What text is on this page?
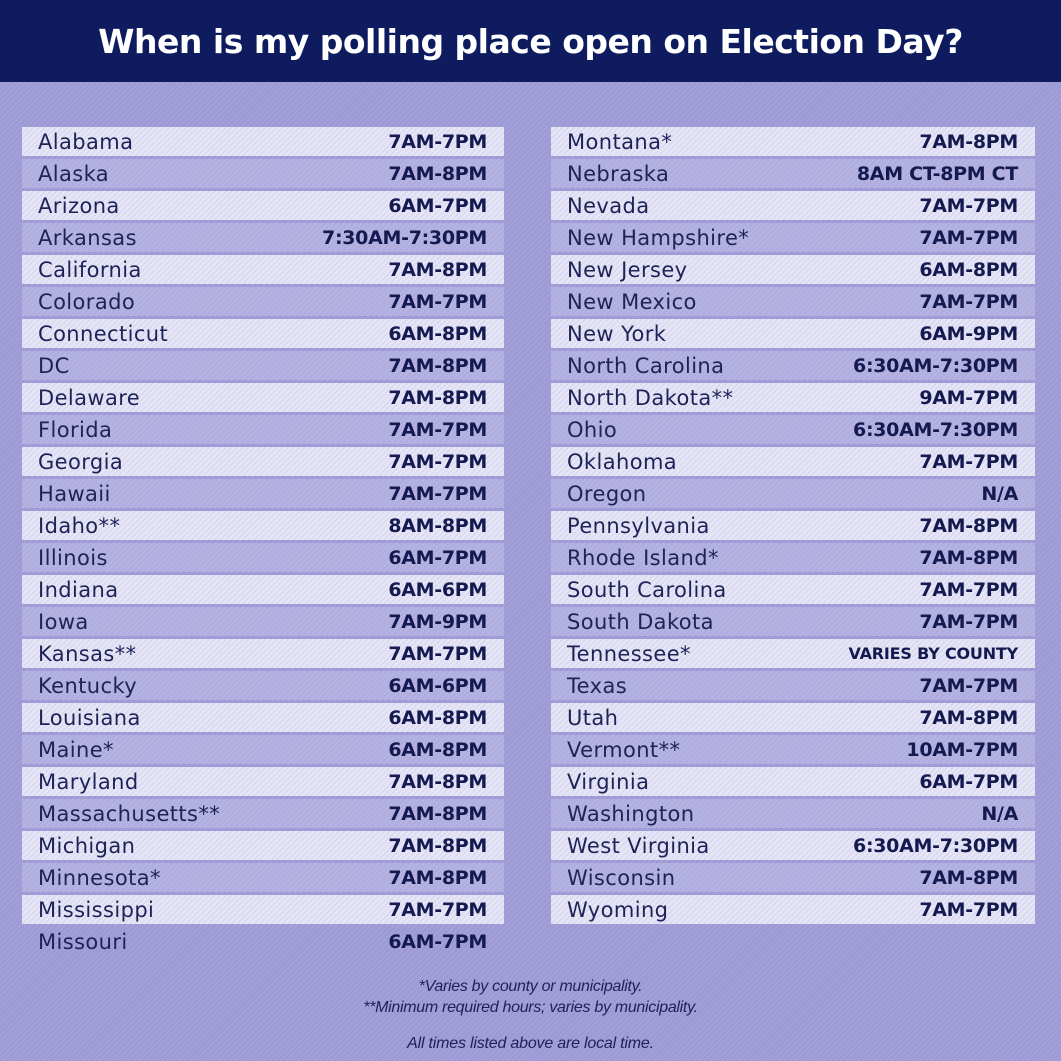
When is my polling place open on Election Day?
Alabama	7AM-7PM
Alaska	7AM-8PM
Arizona	6AM-7PM
Arkansas	7:30AM-7:30PM
California	7AM-8PM
Colorado	7AM-7PM
Connecticut	6AM-8PM
DC	7AM-8PM
Delaware	7AM-8PM
Florida	7AM-7PM
Georgia	7AM-7PM
Hawaii	7AM-7PM
Idaho**	8AM-8PM
Illinois	6AM-7PM
Indiana	6AM-6PM
Iowa	7AM-9PM
Kansas**	7AM-7PM
Kentucky	6AM-6PM
Louisiana	6AM-8PM
Maine*	6AM-8PM
Maryland	7AM-8PM
Massachusetts**	7AM-8PM
Michigan	7AM-8PM
Minnesota*	7AM-8PM
Mississippi	7AM-7PM
Missouri	6AM-7PM
Montana*	7AM-8PM
Nebraska	8AM CT-8PM CT
Nevada	7AM-7PM
New Hampshire*	7AM-7PM
New Jersey	6AM-8PM
New Mexico	7AM-7PM
New York	6AM-9PM
North Carolina	6:30AM-7:30PM
North Dakota**	9AM-7PM
Ohio	6:30AM-7:30PM
Oklahoma	7AM-7PM
Oregon	N/A
Pennsylvania	7AM-8PM
Rhode Island*	7AM-8PM
South Carolina	7AM-7PM
South Dakota	7AM-7PM
Tennessee*	VARIES BY COUNTY
Texas	7AM-7PM
Utah	7AM-8PM
Vermont**	10AM-7PM
Virginia	6AM-7PM
Washington	N/A
West Virginia	6:30AM-7:30PM
Wisconsin	7AM-8PM
Wyoming	7AM-7PM
*Varies by county or municipality.
**Minimum required hours; varies by municipality.
All times listed above are local time.
